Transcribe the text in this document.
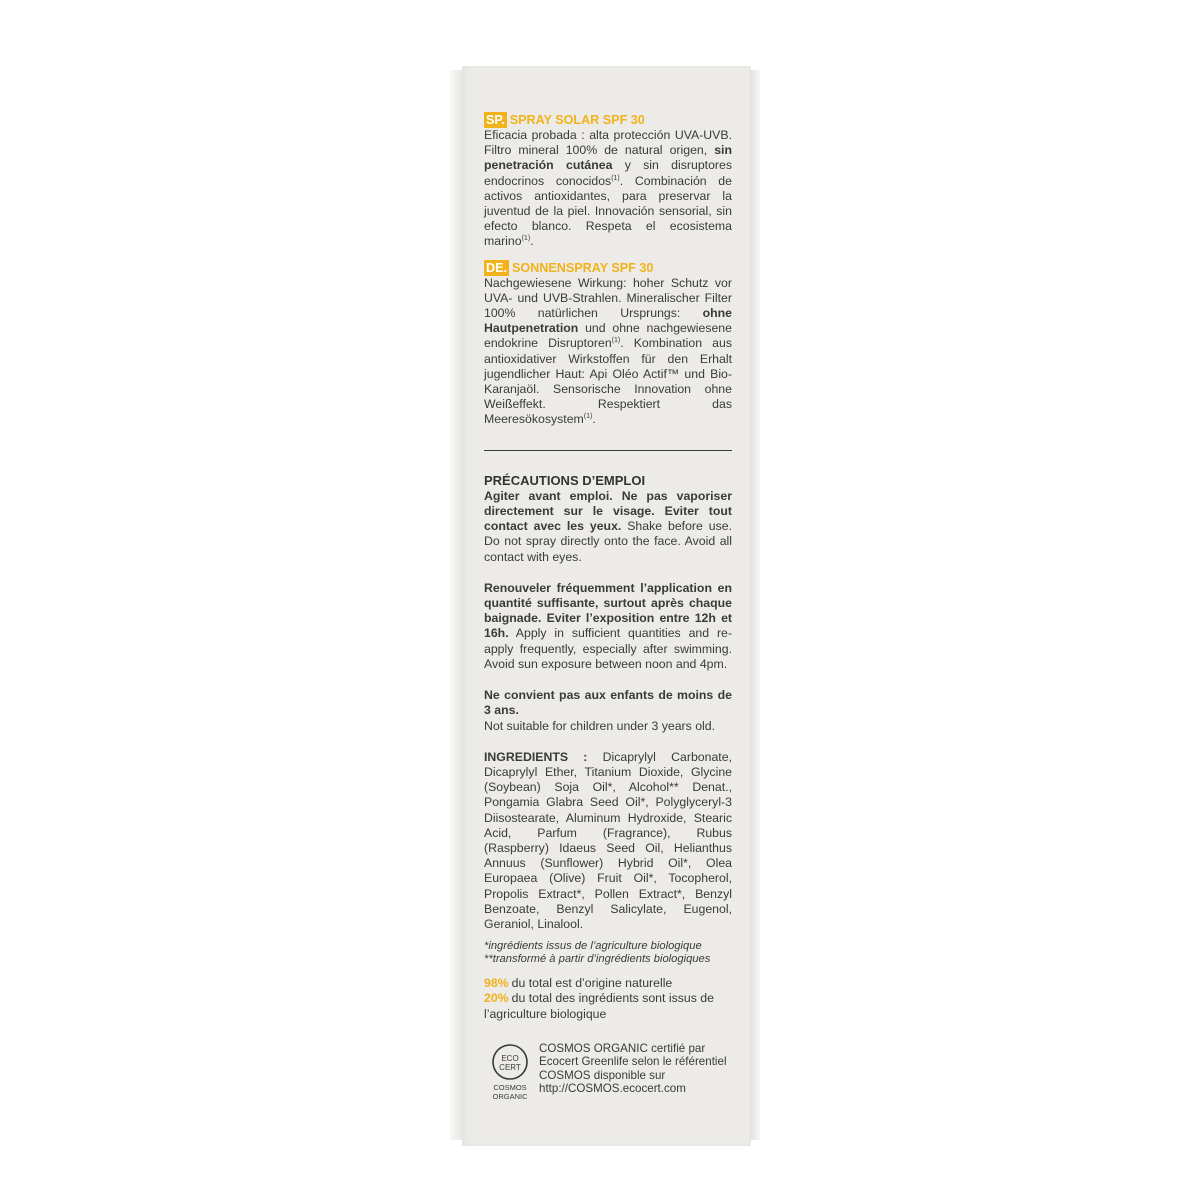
SP. SPRAY SOLAR SPF 30

Eficacia probada : alta protección UVA-UVB. Filtro mineral 100% de natural origen, sin penetración cutánea y sin disruptores endocrinos conocidos$^{(1)}$. Combinación de activos antioxidantes, para preservar la juventud de la piel. Innovación sensorial, sin efecto blanco. Respeta el ecosistema marino$^{(1)}$.

DE. SONNENSPRAY SPF 30

Nachgewiesene Wirkung: hoher Schutz vor UVA- und UVB-Strahlen. Mineralischer Filter 100% natürlichen Ursprungs: ohne Hautpenetration und ohne nachgewiesene endokrine Disruptoren$^{(1)}$. Kombination aus antioxidativer Wirkstoffen für den Erhalt jugendlicher Haut: Api Oléo Actif™ und Bio-Karanjaöl. Sensorische Innovation ohne Weißeffekt. Respektiert das Meeresökosystem$^{(1)}$.

PRÉCAUTIONS D’EMPLOI

Agiter avant emploi. Ne pas vaporiser directement sur le visage. Eviter tout contact avec les yeux. Shake before use. Do not spray directly onto the face. Avoid all contact with eyes.

Renouveler fréquemment l’application en quantité suffisante, surtout après chaque baignade. Eviter l’exposition entre 12h et 16h. Apply in sufficient quantities and re-apply frequently, especially after swimming. Avoid sun exposure between noon and 4pm.

Ne convient pas aux enfants de moins de 3 ans.
Not suitable for children under 3 years old.

INGREDIENTS : Dicaprylyl Carbonate, Dicaprylyl Ether, Titanium Dioxide, Glycine (Soybean) Soja Oil*, Alcohol** Denat., Pongamia Glabra Seed Oil*, Polyglyceryl-3 Diisostearate, Aluminum Hydroxide, Stearic Acid, Parfum (Fragrance), Rubus (Raspberry) Idaeus Seed Oil, Helianthus Annuus (Sunflower) Hybrid Oil*, Olea Europaea (Olive) Fruit Oil*, Tocopherol, Propolis Extract*, Pollen Extract*, Benzyl Benzoate, Benzyl Salicylate, Eugenol, Geraniol, Linalool.

*ingrédients issus de l’agriculture biologique
**transformé à partir d’ingrédients biologiques
98% du total est d’origine naturelle
20% du total des ingrédients sont issus de l’agriculture biologique
ECO
CERT
COSMOS
ORGANIC
COSMOS ORGANIC certifié par Ecocert Greenlife selon le référentiel COSMOS disponible sur http://COSMOS.ecocert.com
